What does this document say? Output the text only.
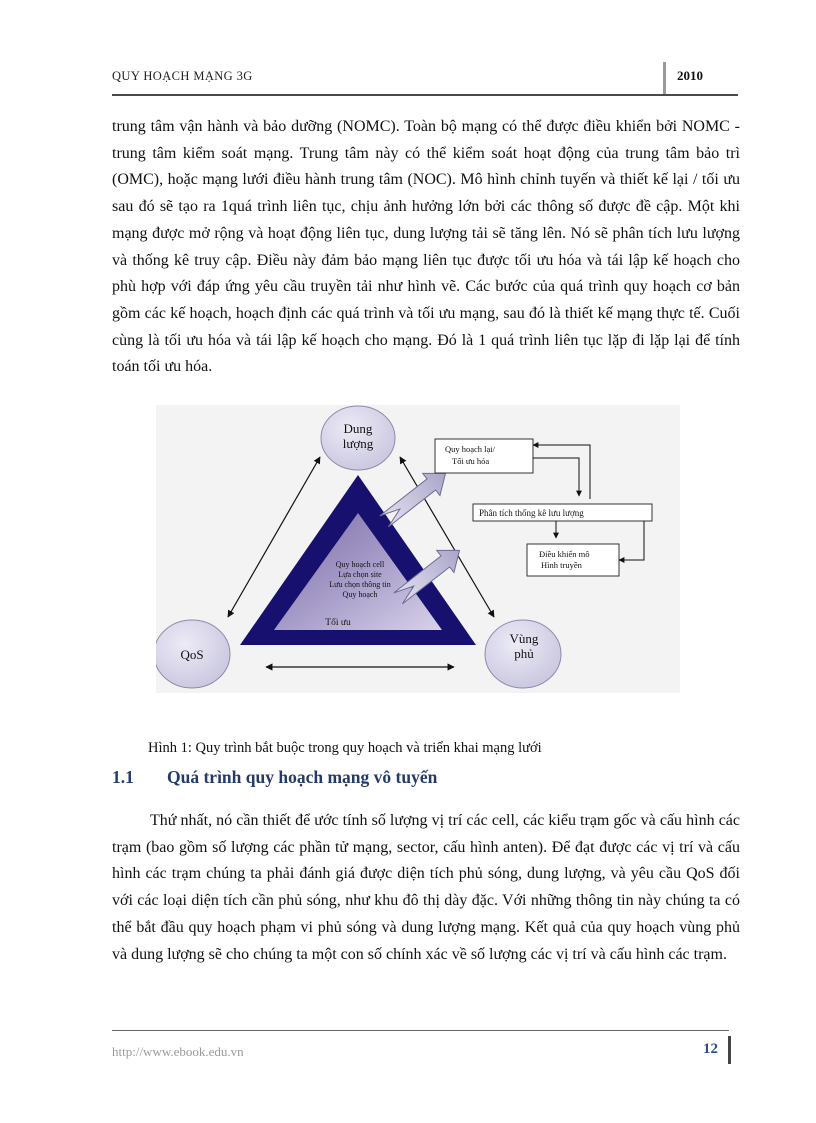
QUY HOẠCH MẠNG 3G	2010

trung tâm vận hành và bảo dưỡng (NOMC). Toàn bộ mạng có thể được điều khiển bởi NOMC - trung tâm kiểm soát mạng. Trung tâm này có thể kiểm soát hoạt động của trung tâm bảo trì (OMC), hoặc mạng lưới điều hành trung tâm (NOC). Mô hình chỉnh tuyến và thiết kế lại / tối ưu sau đó sẽ tạo ra 1quá trình liên tục, chịu ảnh hưởng lớn bởi các thông số được đề cập. Một khi mạng được mở rộng và hoạt động liên tục, dung lượng tải sẽ tăng lên. Nó sẽ phân tích lưu lượng và thống kê truy cập. Điều này đảm bảo mạng liên tục được tối ưu hóa và tái lập kế hoạch cho phù hợp với đáp ứng yêu cầu truyền tải như hình vẽ. Các bước của quá trình quy hoạch cơ bản gồm các kế hoạch, hoạch định các quá trình và tối ưu mạng, sau đó là thiết kế mạng thực tế. Cuối cùng là tối ưu hóa và tái lập kế hoạch cho mạng. Đó là 1 quá trình liên tục lặp đi lặp lại để tính toán tối ưu hóa.

Dung
lượng
QoS
Vùng
phủ
Quy hoạch cell
Lựa chọn site
Lưu chọn thông tin
Quy hoạch
Tối ưu
Quy hoạch lại/
Tối ưu hóa
Phân tích thống kê lưu lượng
Điều khiển mô
Hình truyền
Hình 1: Quy trình bắt buộc trong quy hoạch và triển khai mạng lưới
1.1 Quá trình quy hoạch mạng vô tuyến

Thứ nhất, nó cần thiết để ước tính số lượng vị trí các cell, các kiểu trạm gốc và cấu hình các trạm (bao gồm số lượng các phần tử mạng, sector, cấu hình anten). Để đạt được các vị trí và cấu hình các trạm chúng ta phải đánh giá được diện tích phủ sóng, dung lượng, và yêu cầu QoS đối với các loại diện tích cần phủ sóng, như khu đô thị dày đặc. Với những thông tin này chúng ta có thể bắt đầu quy hoạch phạm vi phủ sóng và dung lượng mạng. Kết quả của quy hoạch vùng phủ và dung lượng sẽ cho chúng ta một con số chính xác về số lượng các vị trí và cấu hình các trạm.

http://www.ebook.edu.vn	12
